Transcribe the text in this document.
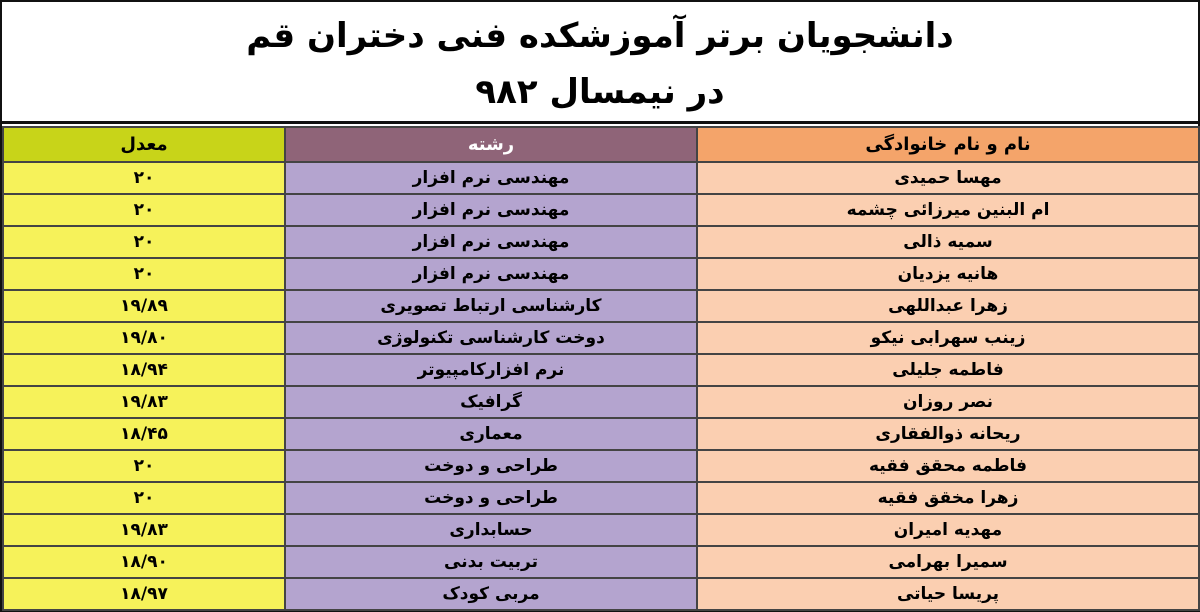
دانشجویان برتر آموزشکده فنی دختران قم
در نیمسال ۹۸۲
نام و نام خانوادگی	رشته	معدل
مهسا حمیدی	مهندسی نرم افزار	۲۰
ام البنین میرزائی چشمه	مهندسی نرم افزار	۲۰
سمیه ذالی	مهندسی نرم افزار	۲۰
هانیه یزدیان	مهندسی نرم افزار	۲۰
زهرا عبداللهی	کارشناسی ارتباط تصویری	۱۹/۸۹
زینب سهرابی نیکو	دوخت کارشناسی تکنولوژی	۱۹/۸۰
فاطمه جلیلی	نرم افزارکامپیوتر	۱۸/۹۴
نصر روزان	گرافیک	۱۹/۸۳
ریحانه ذوالفقاری	معماری	۱۸/۴۵
فاطمه محقق فقیه	طراحی و دوخت	۲۰
زهرا مخقق فقیه	طراحی و دوخت	۲۰
مهدیه امیران	حسابداری	۱۹/۸۳
سمیرا بهرامی	تربیت بدنی	۱۸/۹۰
پریسا حیاتی	مربی کودک	۱۸/۹۷
